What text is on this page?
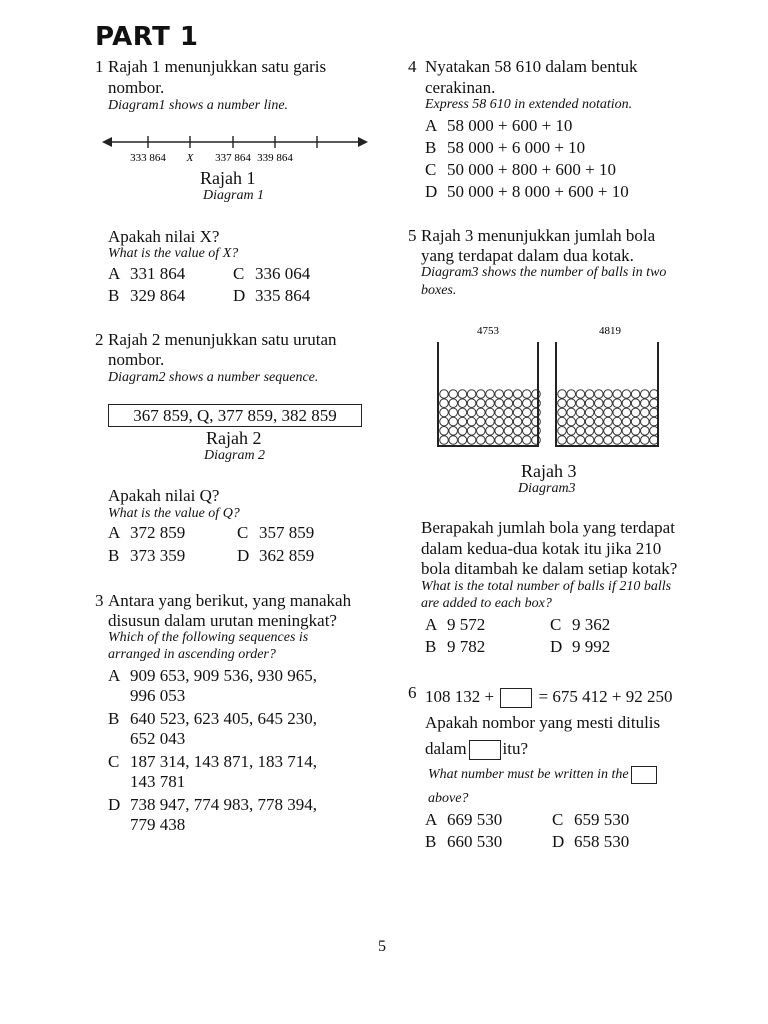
PART 1
1 Rajah 1 menunjukkan satu garis
nombor.
Diagram1 shows a number line.
333 864 X 337 864 339 864
Rajah 1
Diagram 1
Apakah nilai X?
What is the value of X?
A 331 864	C 336 064
B 329 864	D 335 864
2 Rajah 2 menunjukkan satu urutan
nombor.
Diagram2 shows a number sequence.
367 859, Q, 377 859, 382 859
Rajah 2
Diagram 2
Apakah nilai Q?
What is the value of Q?
A 372 859	C 357 859
B 373 359	D 362 859
3 Antara yang berikut, yang manakah
disusun dalam urutan meningkat?
Which of the following sequences is
arranged in ascending order?
A 909 653, 909 536, 930 965,
996 053
B 640 523, 623 405, 645 230,
652 043
C 187 314, 143 871, 183 714,
143 781
D 738 947, 774 983, 778 394,
779 438
4 Nyatakan 58 610 dalam bentuk
cerakinan.
Express 58 610 in extended notation.
A 58 000 + 600 + 10
B 58 000 + 6 000 + 10
C 50 000 + 800 + 600 + 10
D 50 000 + 8 000 + 600 + 10
5 Rajah 3 menunjukkan jumlah bola
yang terdapat dalam dua kotak.
Diagram3 shows the number of balls in two
boxes.
4753	4819
Rajah 3
Diagram3
Berapakah jumlah bola yang terdapat
dalam kedua-dua kotak itu jika 210
bola ditambah ke dalam setiap kotak?
What is the total number of balls if 210 balls
are added to each box?
A 9 572	C 9 362
B 9 782	D 9 992
6 108 132 +	= 675 412 + 92 250
Apakah nombor yang mesti ditulis
dalam itu?
What number must be written in the
above?
A 669 530	C 659 530
B 660 530	D 658 530
5
